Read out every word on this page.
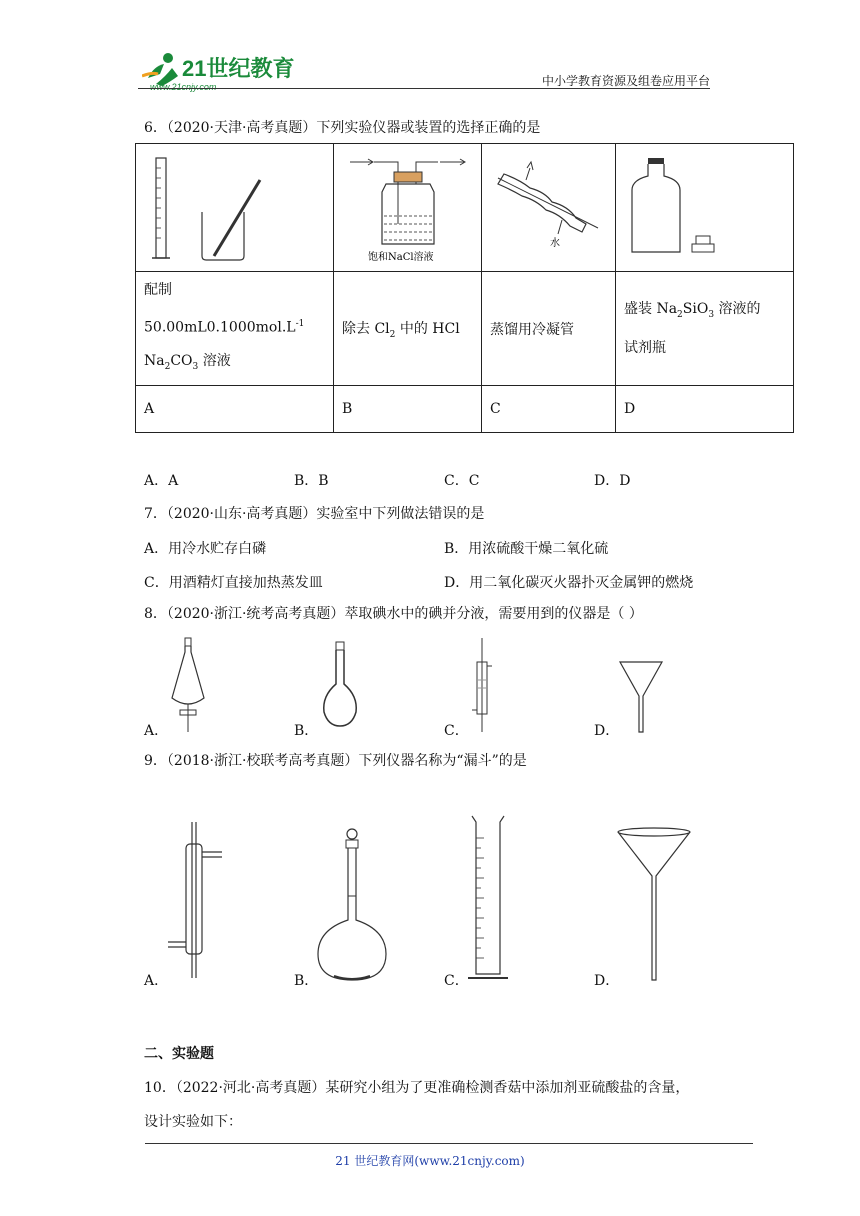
21世纪教育
www.21cnjy.com	中小学教育资源及组卷应用平台
6．（2020·天津·高考真题）下列实验仪器或装置的选择正确的是

饱和NaCl溶液	水

配制
$50.00mL0.1000mol.L^{-1}$
$Na_2CO_3$ 溶液	除去 $Cl_2$ 中的 HCl	蒸馏用冷凝管	盛装 $Na_2SiO_3$ 溶液的
试剂瓶

A	B	C	D
A．A	B．B	C．C	D．D
7．（2020·山东·高考真题）实验室中下列做法错误的是
A．用冷水贮存白磷	B．用浓硫酸干燥二氧化硫
C．用酒精灯直接加热蒸发皿	D．用二氧化碳灭火器扑灭金属钾的燃烧
8．（2020·浙江·统考高考真题）萃取碘水中的碘并分液，需要用到的仪器是（ ）
A．	B．	C．	D．
9．（2018·浙江·校联考高考真题）下列仪器名称为“漏斗”的是
A．	B．	C．	D．
二、实验题
10．（2022·河北·高考真题）某研究小组为了更准确检测香菇中添加剂亚硫酸盐的含量，
设计实验如下：
21 世纪教育网(www.21cnjy.com)
